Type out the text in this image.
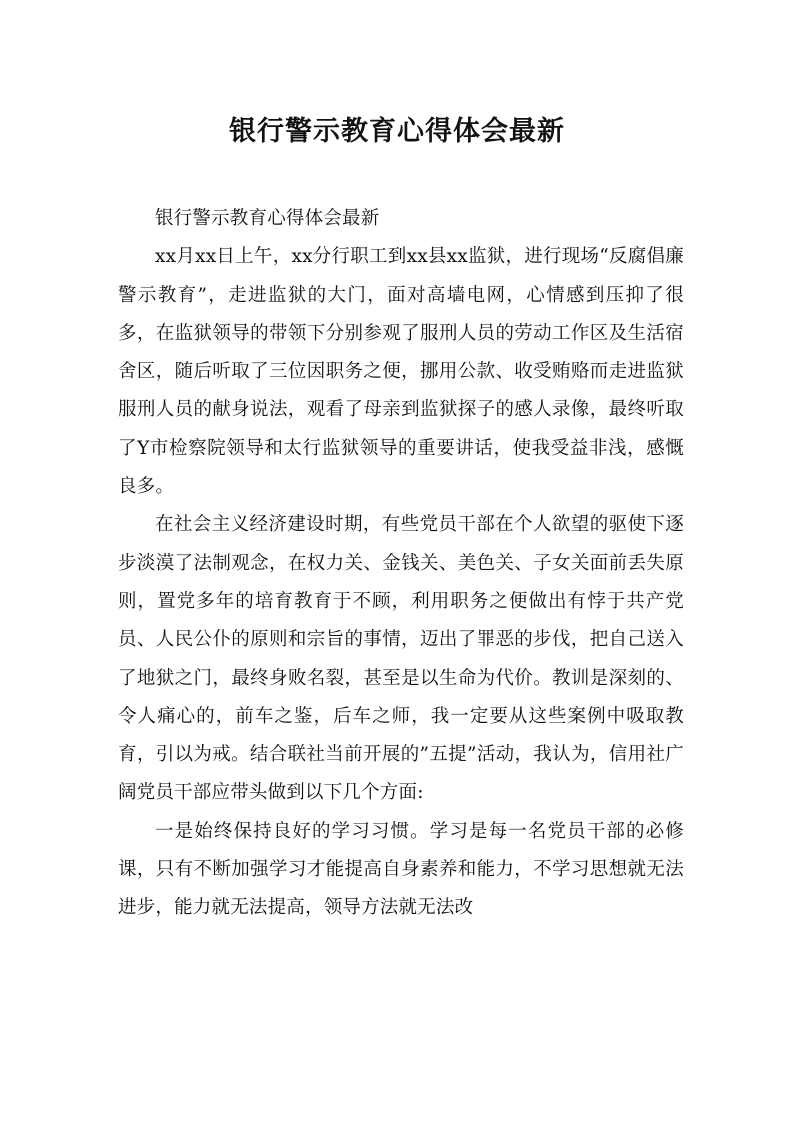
银行警示教育心得体会最新

银行警示教育心得体会最新

xx月xx日上午，xx分行职工到xx县xx监狱，进行现场“反腐倡廉警示教育”，走进监狱的大门，面对高墙电网，心情感到压抑了很多，在监狱领导的带领下分别参观了服刑人员的劳动工作区及生活宿舍区，随后听取了三位因职务之便，挪用公款、收受贿赂而走进监狱服刑人员的献身说法，观看了母亲到监狱探子的感人录像，最终听取了Y市检察院领导和太行监狱领导的重要讲话，使我受益非浅，感慨良多。

在社会主义经济建设时期，有些党员干部在个人欲望的驱使下逐步淡漠了法制观念，在权力关、金钱关、美色关、子女关面前丢失原则，置党多年的培育教育于不顾，利用职务之便做出有悖于共产党员、人民公仆的原则和宗旨的事情，迈出了罪恶的步伐，把自己送入了地狱之门，最终身败名裂，甚至是以生命为代价。教训是深刻的、令人痛心的，前车之鉴，后车之师，我一定要从这些案例中吸取教育，引以为戒。结合联社当前开展的”五提”活动，我认为，信用社广阔党员干部应带头做到以下几个方面:

一是始终保持良好的学习习惯。学习是每一名党员干部的必修课，只有不断加强学习才能提高自身素养和能力，不学习思想就无法进步，能力就无法提高，领导方法就无法改
